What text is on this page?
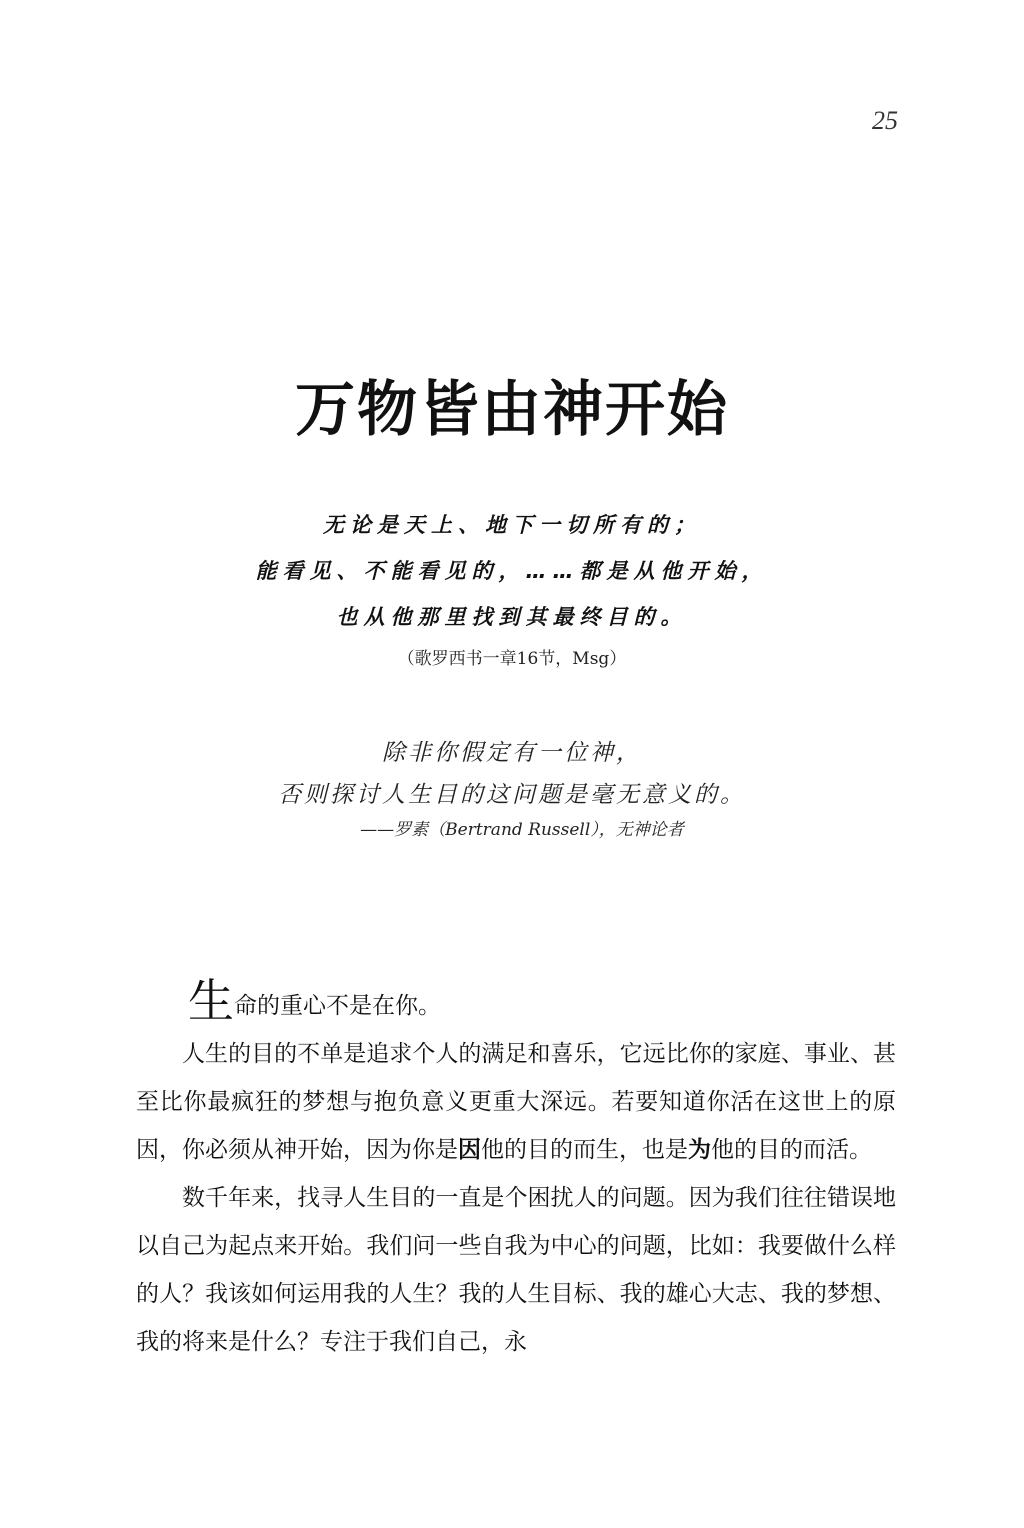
25
万物皆由神开始
无论是天上、地下一切所有的；
能看见、不能看见的，……都是从他开始，
也从他那里找到其最终目的。
（歌罗西书一章16节，Msg）
除非你假定有一位神，
否则探讨人生目的这问题是毫无意义的。
——罗素（Bertrand Russell），无神论者

生命的重心不是在你。

人生的目的不单是追求个人的满足和喜乐，它远比你的家庭、事业、甚至比你最疯狂的梦想与抱负意义更重大深远。若要知道你活在这世上的原因，你必须从神开始，因为你是因他的目的而生，也是为他的目的而活。

数千年来，找寻人生目的一直是个困扰人的问题。因为我们往往错误地以自己为起点来开始。我们问一些自我为中心的问题，比如：我要做什么样的人？我该如何运用我的人生？我的人生目标、我的雄心大志、我的梦想、我的将来是什么？专注于我们自己，永
